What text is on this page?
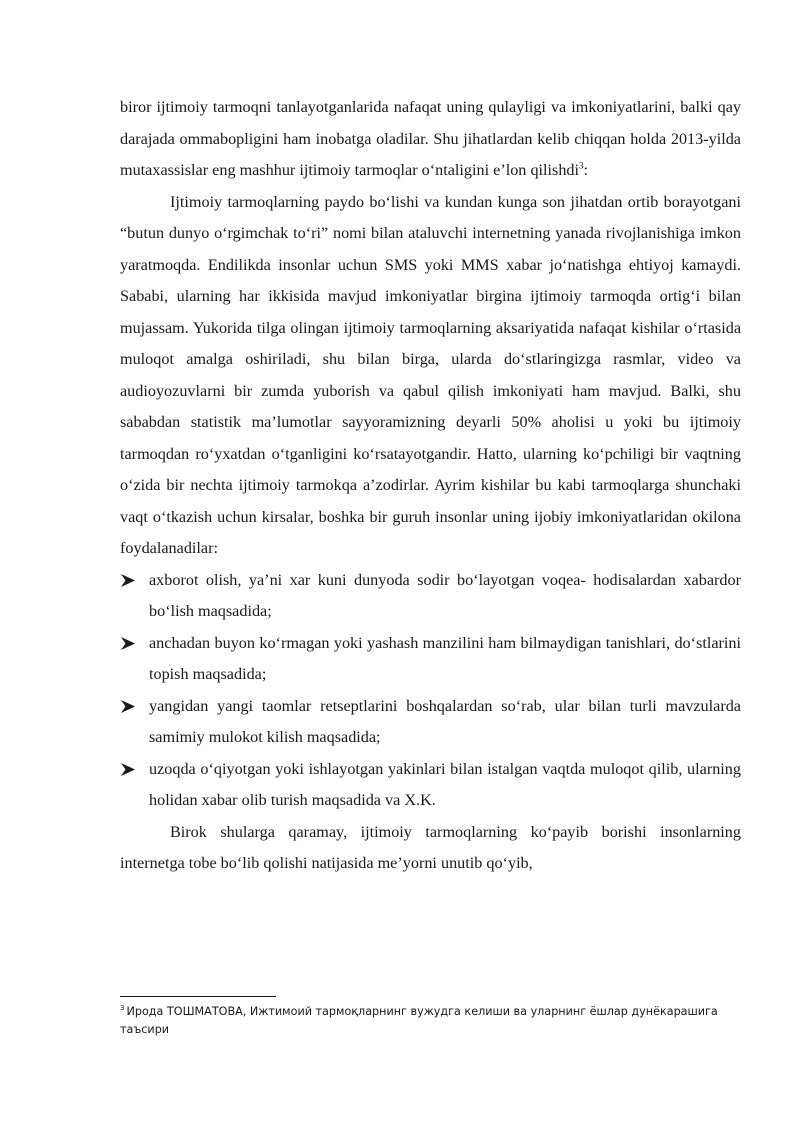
biror ijtimoiy tarmoqni tanlayotganlarida nafaqat uning qulayligi va imkoniyatlarini, balki qay darajada ommabopligini ham inobatga oladilar. Shu jihatlardan kelib chiqqan holda 2013-yilda mutaxassislar eng mashhur ijtimoiy tarmoqlar o‘ntaligini e’lon qilishdi$^3$:

Ijtimoiy tarmoqlarning paydo bo‘lishi va kundan kunga son jihatdan ortib borayotgani “butun dunyo o‘rgimchak to‘ri” nomi bilan ataluvchi internetning yanada rivojlanishiga imkon yaratmoqda. Endilikda insonlar uchun SMS yoki MMS xabar jo‘natishga ehtiyoj kamaydi. Sababi, ularning har ikkisida mavjud imkoniyatlar birgina ijtimoiy tarmoqda ortig‘i bilan mujassam. Yukorida tilga olingan ijtimoiy tarmoqlarning aksariyatida nafaqat kishilar o‘rtasida muloqot amalga oshiriladi, shu bilan birga, ularda do‘stlaringizga rasmlar, video va audioyozuvlarni bir zumda yuborish va qabul qilish imkoniyati ham mavjud. Balki, shu sababdan statistik ma’lumotlar sayyoramizning deyarli 50% aholisi u yoki bu ijtimoiy tarmoqdan ro‘yxatdan o‘tganligini ko‘rsatayotgandir. Hatto, ularning ko‘pchiligi bir vaqtning o‘zida bir nechta ijtimoiy tarmokqa a’zodirlar. Ayrim kishilar bu kabi tarmoqlarga shunchaki vaqt o‘tkazish uchun kirsalar, boshka bir guruh insonlar uning ijobiy imkoniyatlaridan okilona foydalanadilar:

axborot olish, ya’ni xar kuni dunyoda sodir bo‘layotgan voqea- hodisalardan xabardor bo‘lish maqsadida;
anchadan buyon ko‘rmagan yoki yashash manzilini ham bilmaydigan tanishlari, do‘stlarini topish maqsadida;
yangidan yangi taomlar retseptlarini boshqalardan so‘rab, ular bilan turli mavzularda samimiy mulokot kilish maqsadida;
uzoqda o‘qiyotgan yoki ishlayotgan yakinlari bilan istalgan vaqtda muloqot qilib, ularning holidan xabar olib turish maqsadida va X.K.

Birok shularga qaramay, ijtimoiy tarmoqlarning ko‘payib borishi insonlarning internetga tobe bo‘lib qolishi natijasida me’yorni unutib qo‘yib,

$^3$ Ирода ТОШМАТОВА, Ижтимоий тармоқларнинг вужудга келиши ва уларнинг ёшлар дунёкарашига таъсири
